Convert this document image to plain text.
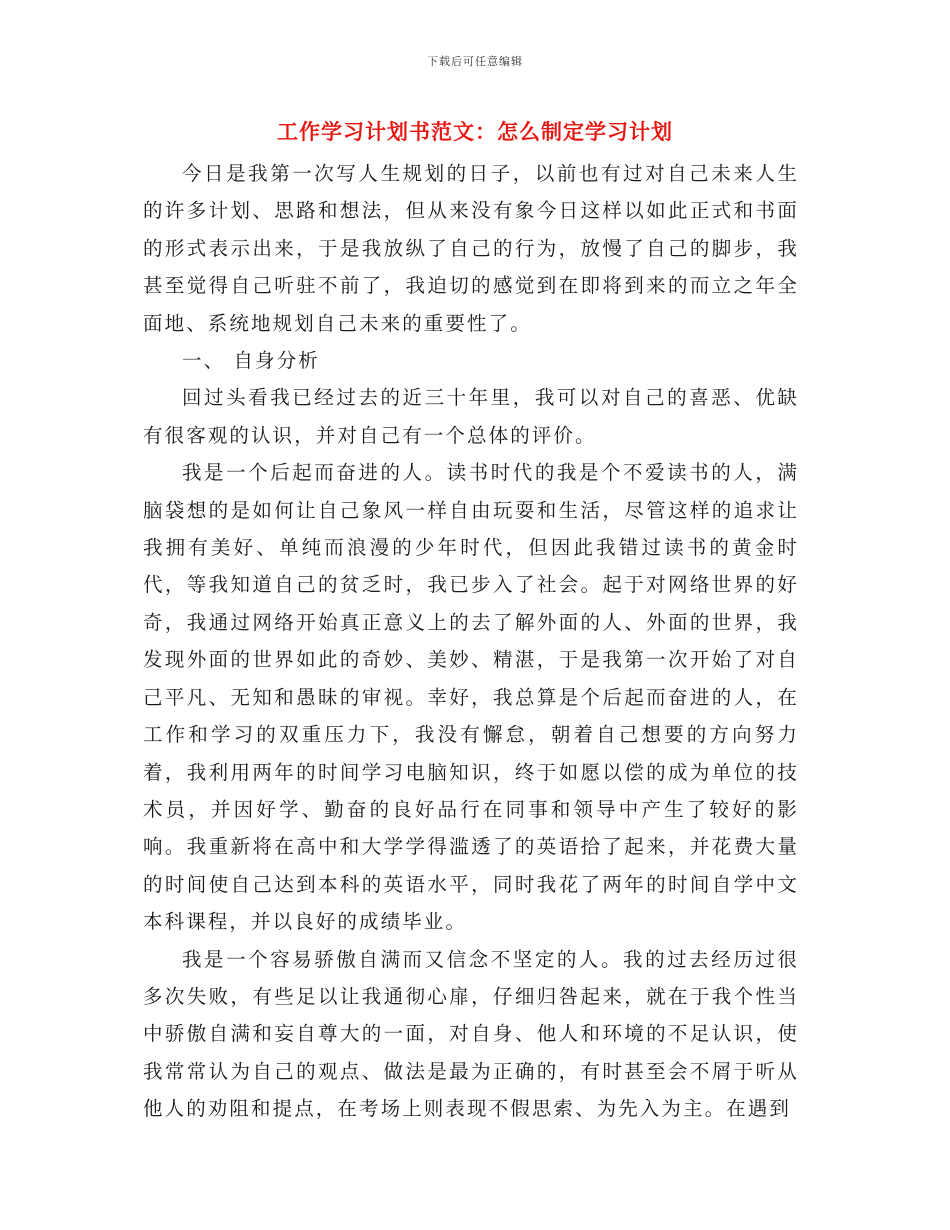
下载后可任意编辑
工作学习计划书范文：怎么制定学习计划

今日是我第一次写人生规划的日子，以前也有过对自己未来人生的许多计划、思路和想法，但从来没有象今日这样以如此正式和书面的形式表示出来，于是我放纵了自己的行为，放慢了自己的脚步，我甚至觉得自己听驻不前了，我迫切的感觉到在即将到来的而立之年全面地、系统地规划自己未来的重要性了。

一、 自身分析

回过头看我已经过去的近三十年里，我可以对自己的喜恶、优缺有很客观的认识，并对自己有一个总体的评价。

我是一个后起而奋进的人。读书时代的我是个不爱读书的人，满脑袋想的是如何让自己象风一样自由玩耍和生活，尽管这样的追求让我拥有美好、单纯而浪漫的少年时代，但因此我错过读书的黄金时代，等我知道自己的贫乏时，我已步入了社会。起于对网络世界的好奇，我通过网络开始真正意义上的去了解外面的人、外面的世界，我发现外面的世界如此的奇妙、美妙、精湛，于是我第一次开始了对自己平凡、无知和愚昧的审视。幸好，我总算是个后起而奋进的人，在工作和学习的双重压力下，我没有懈怠，朝着自己想要的方向努力着，我利用两年的时间学习电脑知识，终于如愿以偿的成为单位的技术员，并因好学、勤奋的良好品行在同事和领导中产生了较好的影响。我重新将在高中和大学学得滥透了的英语拾了起来，并花费大量的时间使自己达到本科的英语水平，同时我花了两年的时间自学中文本科课程，并以良好的成绩毕业。

我是一个容易骄傲自满而又信念不坚定的人。我的过去经历过很多次失败，有些足以让我通彻心扉，仔细归咎起来，就在于我个性当中骄傲自满和妄自尊大的一面，对自身、他人和环境的不足认识，使我常常认为自己的观点、做法是最为正确的，有时甚至会不屑于听从他人的劝阻和提点，在考场上则表现不假思索、为先入为主。在遇到
